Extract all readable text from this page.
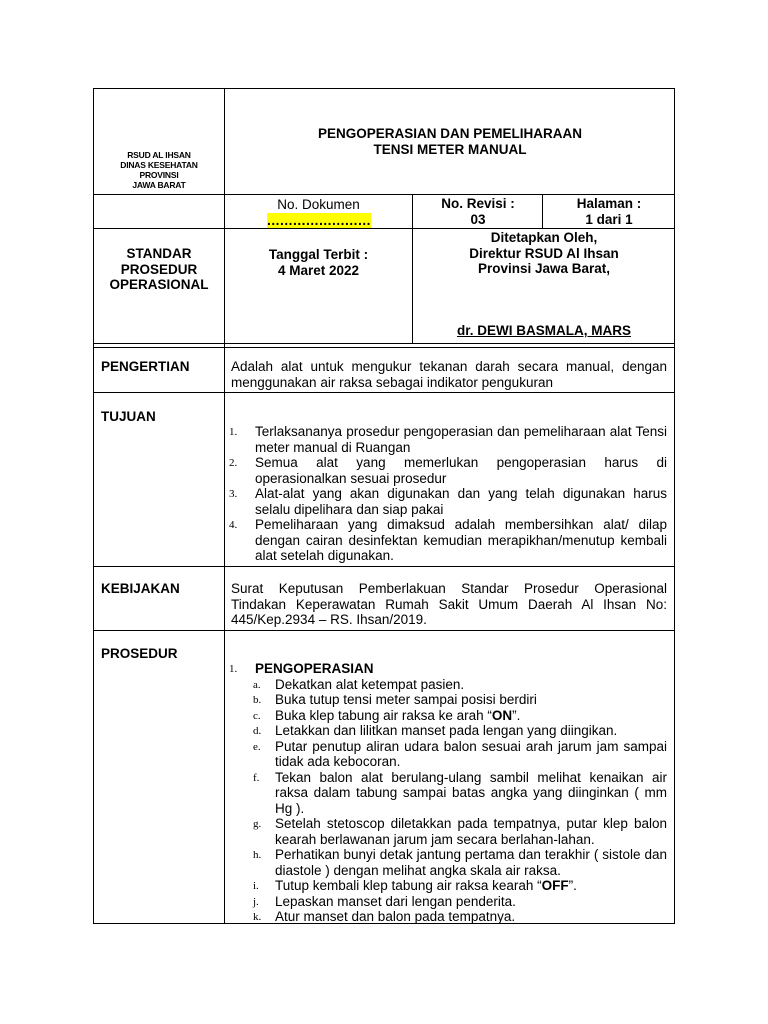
RSUD AL IHSAN
DINAS KESEHATAN
PROVINSI
JAWA BARAT
PENGOPERASIAN DAN PEMELIHARAAN
TENSI METER MANUAL
No. Dokumen
……………………
No. Revisi :
03
Halaman :
1 dari 1
STANDAR
PROSEDUR
OPERASIONAL
Tanggal Terbit :
4 Maret 2022
Ditetapkan Oleh,
Direktur RSUD Al Ihsan
Provinsi Jawa Barat,
dr. DEWI BASMALA, MARS
PENGERTIAN	Adalah alat untuk mengukur tekanan darah secara manual, dengan menggunakan air raksa sebagai indikator pengukuran
TUJUAN
1. Terlaksananya prosedur pengoperasian dan pemeliharaan alat Tensi meter manual di Ruangan
2. Semua alat yang memerlukan pengoperasian harus di operasionalkan sesuai prosedur
3. Alat-alat yang akan digunakan dan yang telah digunakan harus selalu dipelihara dan siap pakai
4. Pemeliharaan yang dimaksud adalah membersihkan alat/ dilap dengan cairan desinfektan kemudian merapikhan/menutup kembali alat setelah digunakan.
KEBIJAKAN	Surat Keputusan Pemberlakuan Standar Prosedur Operasional Tindakan Keperawatan Rumah Sakit Umum Daerah Al Ihsan No: 445/Kep.2934 – RS. Ihsan/2019.
PROSEDUR
1. PENGOPERASIAN
a. Dekatkan alat ketempat pasien.
b. Buka tutup tensi meter sampai posisi berdiri
c. Buka klep tabung air raksa ke arah “ON”.
d. Letakkan dan lilitkan manset pada lengan yang diingikan.
e. Putar penutup aliran udara balon sesuai arah jarum jam sampai tidak ada kebocoran.
f. Tekan balon alat berulang-ulang sambil melihat kenaikan air raksa dalam tabung sampai batas angka yang diinginkan ( mm Hg ).
g. Setelah stetoscop diletakkan pada tempatnya, putar klep balon kearah berlawanan jarum jam secara berlahan-lahan.
h. Perhatikan bunyi detak jantung pertama dan terakhir ( sistole dan diastole ) dengan melihat angka skala air raksa.
i. Tutup kembali klep tabung air raksa kearah “OFF”.
j. Lepaskan manset dari lengan penderita.
k. Atur manset dan balon pada tempatnya.
